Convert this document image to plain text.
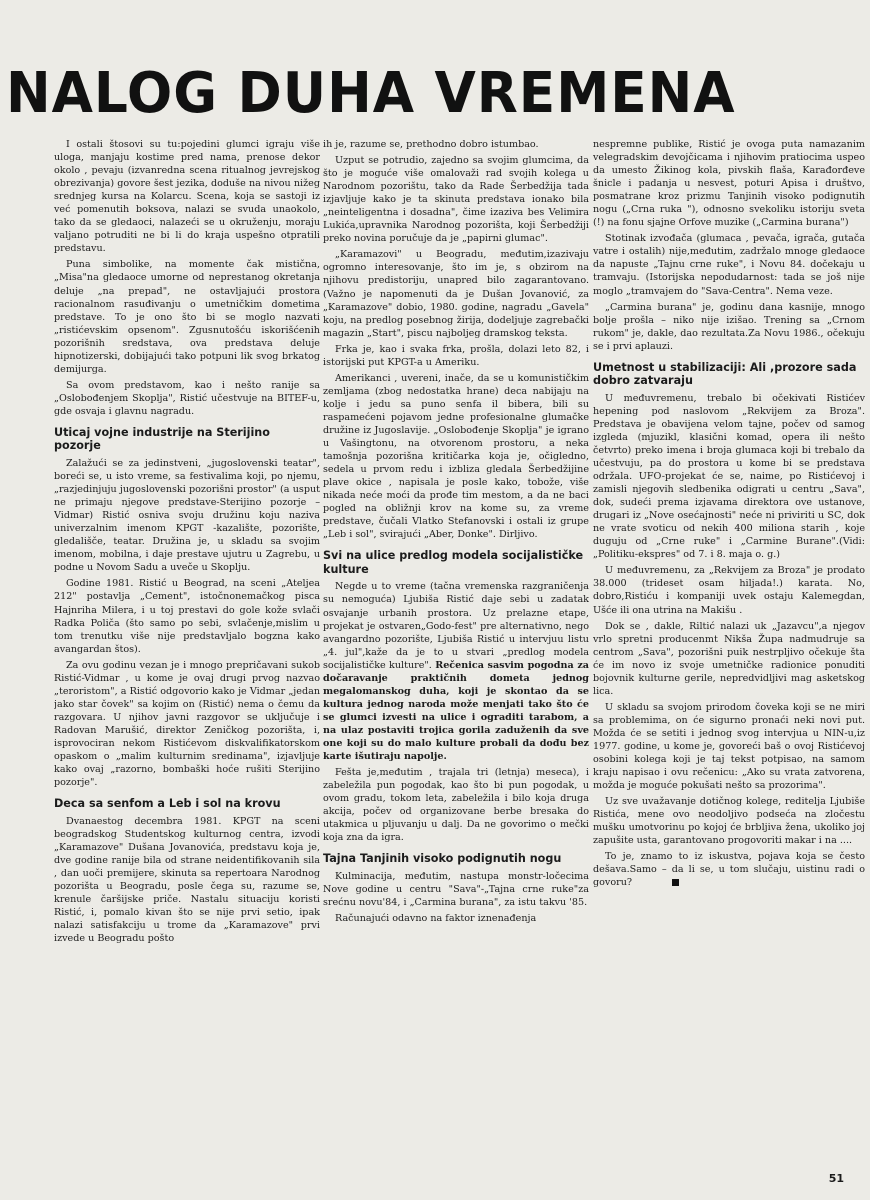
NALOG DUHA VREMENA

I ostali štosovi su tu:pojedini glumci igraju više uloga, manjaju kostime pred nama, prenose dekor okolo , pevaju (izvanredna scena ritualnog jevrejskog obrezivanja) govore šest jezika, doduše na nivou nižeg srednjeg kursa na Kolarcu. Scena, koja se sastoji iz već pomenutih boksova, nalazi se svuda unaokolo, tako da se gledaoci, nalazeći se u okruženju, moraju valjano potruditi ne bi li do kraja uspešno otpratili predstavu.

Puna simbolike, na momente čak mistična, „Misa"na gledaoce umorne od neprestanog okretanja deluje „na prepad", ne ostavljajući prostora racionalnom rasuđivanju o umetničkim dometima predstave. To je ono što bi se moglo nazvati „ristićevskim opsenom". Zgusnutošću iskorišćenih pozorišnih sredstava, ova predstava deluje hipnotizerski, dobijajući tako potpuni lik svog brkatog demijurga.

Sa ovom predstavom, kao i nešto ranije sa „Oslobođenjem Skoplja", Ristić učestvuje na BITEF-u, gde osvaja i glavnu nagradu.

Uticaj vojne industrije na Sterijino pozorje

Zalažući se za jedinstveni, „jugoslovenski teatar", boreći se, u isto vreme, sa festivalima koji, po njemu, „razjedinjuju jugoslovenski pozorišni prostor" (a usput ne primaju njegove predstave-Sterijino pozorje – Vidmar) Ristić osniva svoju družinu koju naziva univerzalnim imenom KPGT -kazalište, pozorište, gledališče, teatar. Družina je, u skladu sa svojim imenom, mobilna, i daje prestave ujutru u Zagrebu, u podne u Novom Sadu a uveče u Skoplju.

Godine 1981. Ristić u Beograd, na sceni „Ateljea 212" postavlja „Cement", istočnonemačkog pisca Hajnriha Milera, i u toj prestavi do gole kože svlači Radka Poliča (što samo po sebi, svlačenje,mislim u tom trenutku više nije predstavljalo bogzna kako avangardan štos).

Za ovu godinu vezan je i mnogo prepričavani sukob Ristić-Vidmar , u kome je ovaj drugi prvog nazvao „teroristom", a Ristić odgovorio kako je Vidmar „jedan jako star čovek" sa kojim on (Ristić) nema o čemu da razgovara. U njihov javni razgovor se uključuje i Radovan Marušić, direktor Zeničkog pozorišta, i, isprovociran nekom Ristićevom diskvalifikatorskom opaskom o „malim kulturnim sredinama", izjavljuje kako ovaj „razorno, bombaški hoće rušiti Sterijino pozorje".

Deca sa senfom a Leb i sol na krovu

Dvanaestog decembra 1981. KPGT na sceni beogradskog Studentskog kulturnog centra, izvodi „Karamazove" Dušana Jovanovića, predstavu koja je, dve godine ranije bila od strane neidentifikovanih sila , dan uoči premijere, skinuta sa repertoara Narodnog pozorišta u Beogradu, posle čega su, razume se, krenule čaršijske priče. Nastalu situaciju koristi Ristić, i, pomalo kivan što se nije prvi setio, ipak nalazi satisfakciju u trome da „Karamazove" prvi izvede u Beogradu pošto

ih je, razume se, prethodno dobro istumbao.

Uzput se potrudio, zajedno sa svojim glumcima, da što je moguće više omalovaži rad svojih kolega u Narodnom pozorištu, tako da Rade Šerbedžija tada izjavljuje kako je ta skinuta predstava ionako bila „neinteligentna i dosadna", čime izaziva bes Velimira Lukića,upravnika Narodnog pozorišta, koji Šerbedžiji preko novina poručuje da je „papirni glumac".

„Karamazovi" u Beogradu, međutim,izazivaju ogromno interesovanje, što im je, s obzirom na njihovu predistoriju, unapred bilo zagarantovano. (Važno je napomenuti da je Dušan Jovanović, za „Karamazove" dobio, 1980. godine, nagradu „Gavela" koju, na predlog posebnog žirija, dodeljuje zagrebački magazin „Start", piscu najboljeg dramskog teksta.

Frka je, kao i svaka frka, prošla, dolazi leto 82, i istorijski put KPGT-a u Ameriku.

Amerikanci , uvereni, inače, da se u komunističkim zemljama (zbog nedostatka hrane) deca nabijaju na kolje i jedu sa puno senfa il bibera, bili su raspamećeni pojavom jedne profesionalne glumačke družine iz Jugoslavije. „Oslobođenje Skoplja" je igrano u Vašingtonu, na otvorenom prostoru, a neka tamošnja pozorišna kritičarka koja je, očigledno, sedela u prvom redu i izbliza gledala Šerbedžijine plave okice , napisala je posle kako, tobože, više nikada neće moći da prođe tim mestom, a da ne baci pogled na obližnji krov na kome su, za vreme predstave, čučali Vlatko Stefanovski i ostali iz grupe „Leb i sol", svirajući „Aber, Donke". Dirljivo.

Svi na ulice predlog modela socijalističke kulture

Negde u to vreme (tačna vremenska razgraničenja su nemoguća) Ljubiša Ristić daje sebi u zadatak osvajanje urbanih prostora. Uz prelazne etape, projekat je ostvaren„Godo-fest" pre alternativno, nego avangardno pozorište, Ljubiša Ristić u intervjuu listu „4. jul",kaže da je to u stvari „predlog modela socijalističke kulture". Rečenica sasvim pogodna za dočaravanje praktičnih dometa jednog megalomanskog duha, koji je skontao da se kultura jednog naroda može menjati tako što će se glumci izvesti na ulice i ograditi tarabom, a na ulaz postaviti trojica gorila zaduženih da sve one koji su do malo kulture probali da dođu bez karte išutiraju napolje.

Fešta je,međutim , trajala tri (letnja) meseca), i zabeležila pun pogodak, kao što bi pun pogodak, u ovom gradu, tokom leta, zabeležila i bilo koja druga akcija, počev od organizovane berbe bresaka do utakmica u pljuvanju u dalj. Da ne govorimo o mečki koja zna da igra.

Tajna Tanjinih visoko podignutih nogu

Kulminacija, međutim, nastupa monstr-ločecima Nove godine u centru "Sava"-„Tajna crne ruke"za srećnu novu'84, i „Carmina burana", za istu takvu '85.

Računajući odavno na faktor iznenađenja

nespremne publike, Ristić je ovoga puta namazanim velegradskim devojčicama i njihovim pratiocima uspeo da umesto Žikinog kola, pivskih flaša, Karađorđeve šnicle i padanja u nesvest, poturi Apisa i društvo, posmatrane kroz prizmu Tanjinih visoko podignutih nogu („Crna ruka "), odnosno svekoliku istoriju sveta (!) na fonu sjajne Orfove muzike („Carmina burana")

Stotinak izvođača (glumaca , pevača, igrača, gutača vatre i ostalih) nije,međutim, zadržalo mnoge gledaoce da napuste „Tajnu crne ruke", i Novu 84. dočekaju u tramvaju. (Istorijska nepodudarnost: tada se još nije moglo „tramvajem do "Sava-Centra". Nema veze.

„Carmina burana" je, godinu dana kasnije, mnogo bolje prošla – niko nije izišao. Trening sa „Crnom rukom" je, dakle, dao rezultata.Za Novu 1986., očekuju se i prvi aplauzi.

Umetnost u stabilizaciji: Ali ,prozore sada dobro zatvaraju

U međuvremenu, trebalo bi očekivati Ristićev hepening pod naslovom „Rekvijem za Broza". Predstava je obavijena velom tajne, počev od samog izgleda (mjuzikl, klasični komad, opera ili nešto četvrto) preko imena i broja glumaca koji bi trebalo da učestvuju, pa do prostora u kome bi se predstava održala. UFO-projekat će se, naime, po Ristićevoj i zamisli njegovih sledbenika odigrati u centru „Sava", dok, sudeći prema izjavama direktora ove ustanove, drugari iz „Nove osećajnosti" neće ni priviriti u SC, dok ne vrate svoticu od nekih 400 miliona starih , koje duguju od „Crne ruke" i „Carmine Burane".(Vidi: „Politiku-ekspres" od 7. i 8. maja o. g.)

U međuvremenu, za „Rekvijem za Broza" je prodato 38.000 (trideset osam hiljada!.) karata. No, dobro,Ristiću i kompaniji uvek ostaju Kalemegdan, Ušće ili ona utrina na Makišu .

Dok se , dakle, Riltić nalazi uk „Jazavcu",a njegov vrlo spretni producenmt Nikša Župa nadmudruje sa centrom „Sava", pozorišni puik nestrpljivo očekuje šta će im novo iz svoje umetničke radionice ponuditi bojovnik kulturne gerile, nepredvidljivi mag asketskog lica.

U skladu sa svojom prirodom čoveka koji se ne miri sa problemima, on će sigurno pronaći neki novi put. Možda će se setiti i jednog svog intervjua u NIN-u,iz 1977. godine, u kome je, govoreći baš o ovoj Ristićevoj osobini kolega koji je taj tekst potpisao, na samom kraju napisao i ovu rečenicu: „Ako su vrata zatvorena, možda je moguće pokušati nešto sa prozorima".

Uz sve uvažavanje dotičnog kolege, reditelja Ljubiše Ristića, mene ovo neodoljivo podseća na zločestu mušku umotvorinu po kojoj će brbljiva žena, ukoliko joj zapušite usta, garantovano progovoriti makar i na ....

To je, znamo to iz iskustva, pojava koja se često dešava.Samo – da li se, u tom slučaju, uistinu radi o govoru?

51
